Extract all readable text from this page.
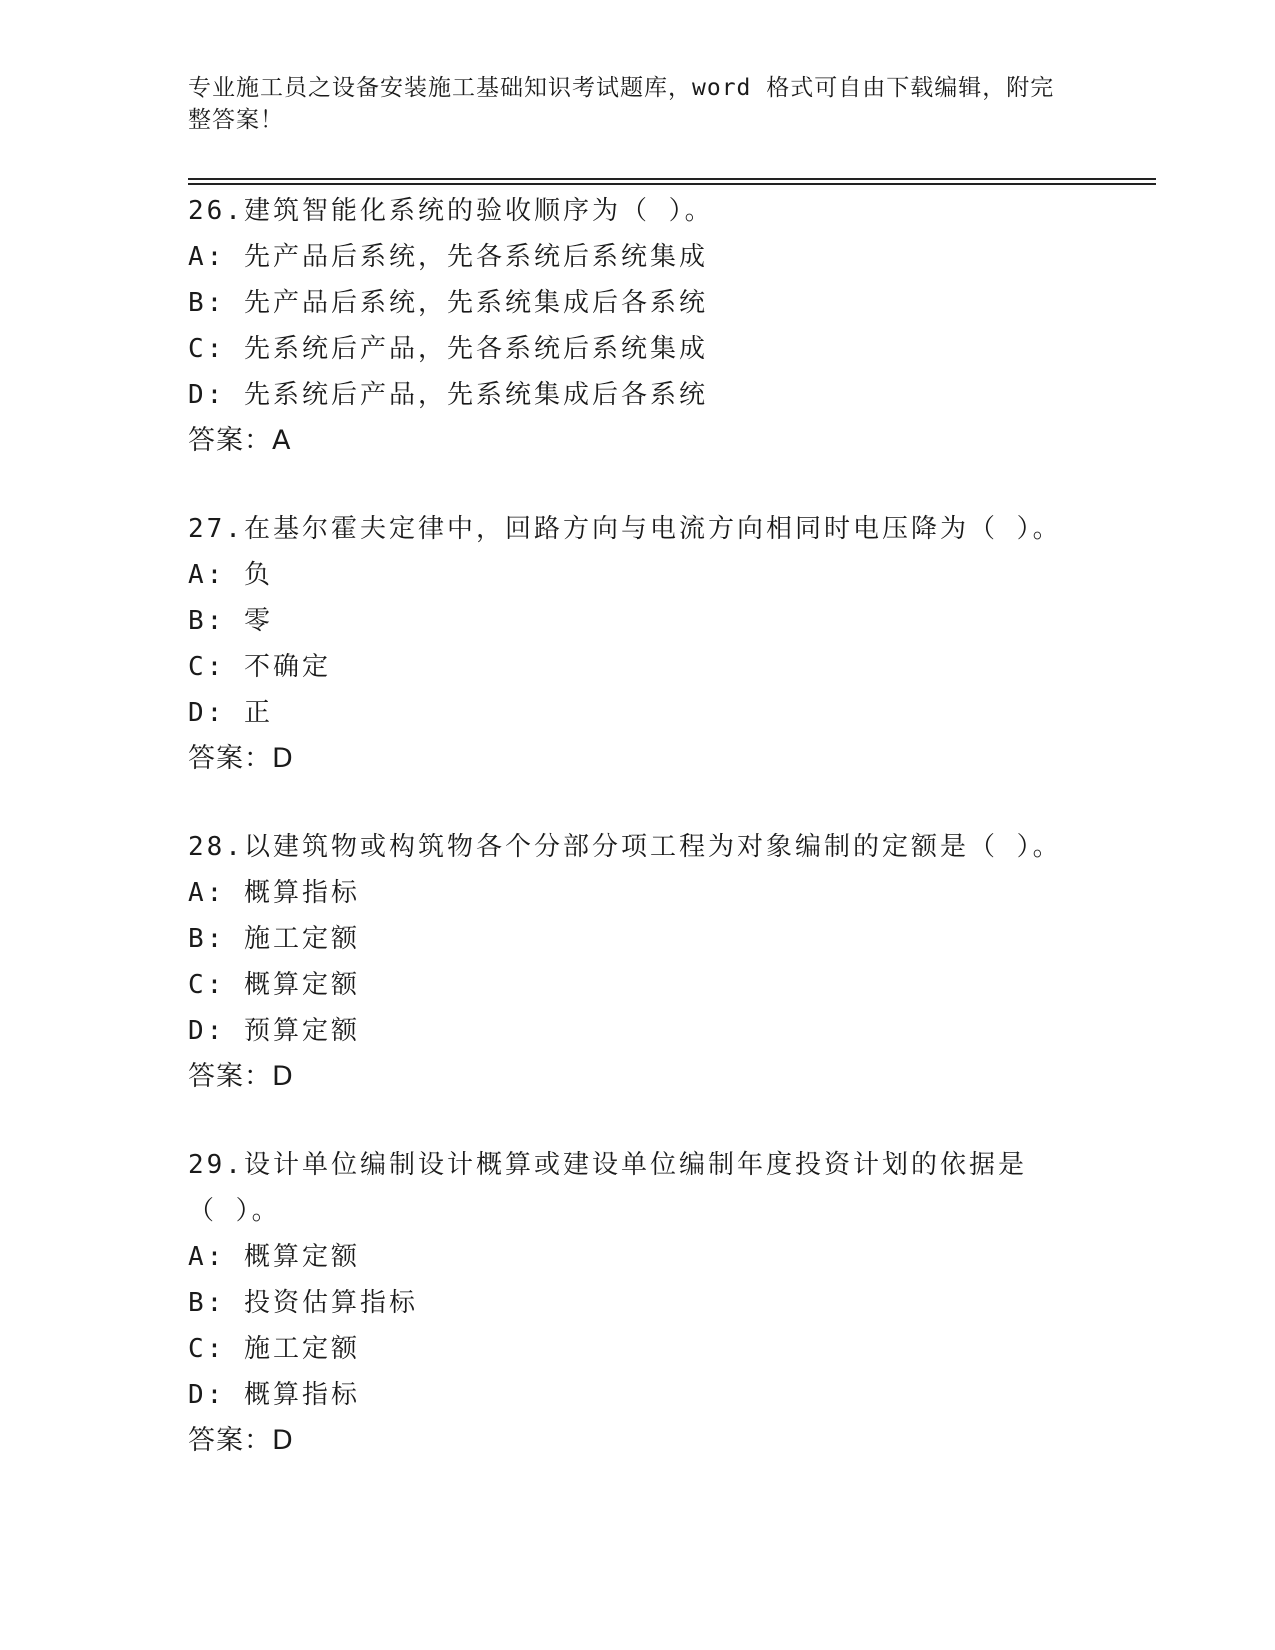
专业施工员之设备安装施工基础知识考试题库，word 格式可自由下载编辑，附完整答案！

26.建筑智能化系统的验收顺序为（ ）。

A: 先产品后系统，先各系统后系统集成

B: 先产品后系统，先系统集成后各系统

C: 先系统后产品，先各系统后系统集成

D: 先系统后产品，先系统集成后各系统

答案：A

27.在基尔霍夫定律中，回路方向与电流方向相同时电压降为（ ）。

A: 负

B: 零

C: 不确定

D: 正

答案：D

28.以建筑物或构筑物各个分部分项工程为对象编制的定额是（ ）。

A: 概算指标

B: 施工定额

C: 概算定额

D: 预算定额

答案：D

29.设计单位编制设计概算或建设单位编制年度投资计划的依据是（ ）。

A: 概算定额

B: 投资估算指标

C: 施工定额

D: 概算指标

答案：D
